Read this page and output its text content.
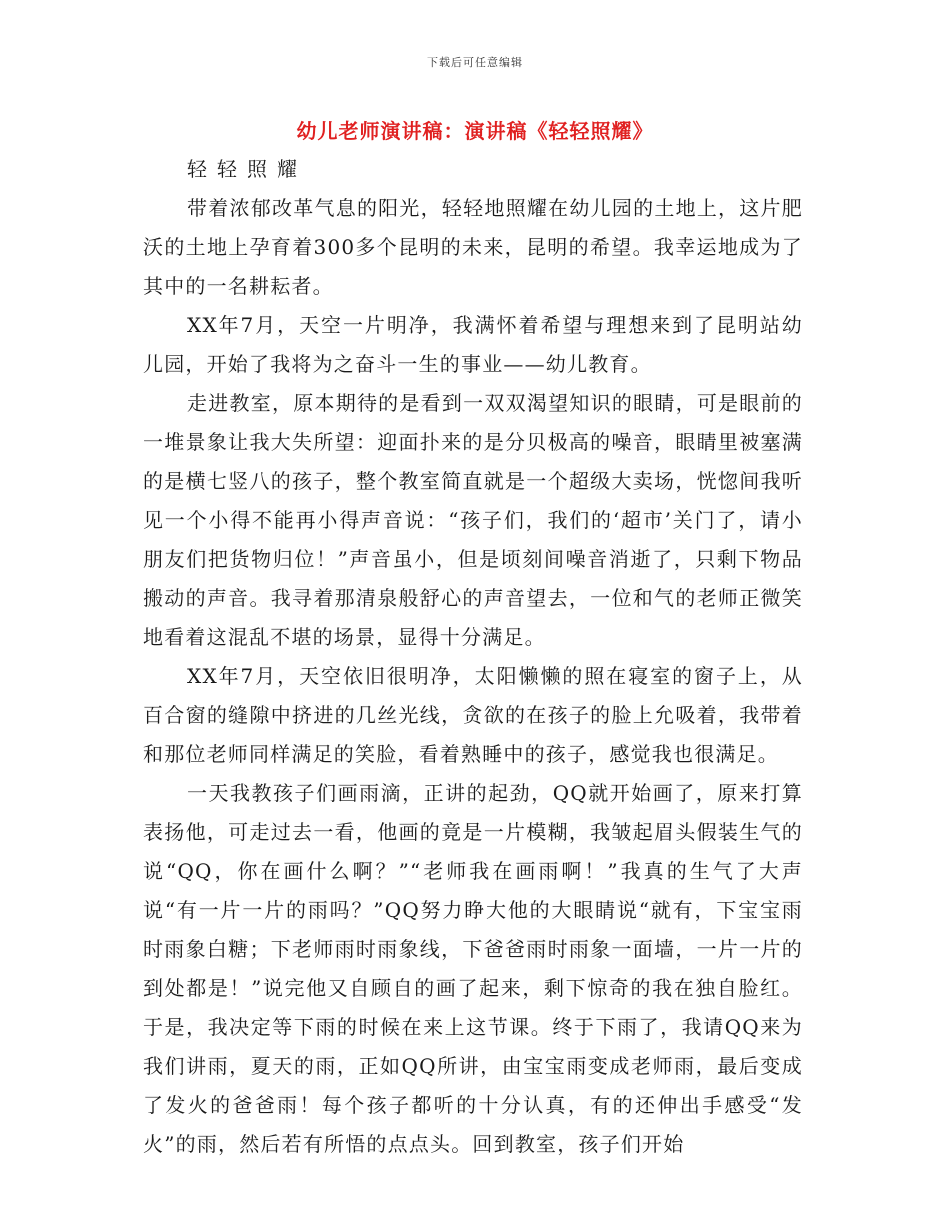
下载后可任意编辑
幼儿老师演讲稿：演讲稿《轻轻照耀》

轻轻照耀

带着浓郁改革气息的阳光，轻轻地照耀在幼儿园的土地上，这片肥沃的土地上孕育着300多个昆明的未来，昆明的希望。我幸运地成为了其中的一名耕耘者。

XX年7月，天空一片明净，我满怀着希望与理想来到了昆明站幼儿园，开始了我将为之奋斗一生的事业——幼儿教育。

走进教室，原本期待的是看到一双双渴望知识的眼睛，可是眼前的一堆景象让我大失所望：迎面扑来的是分贝极高的噪音，眼睛里被塞满的是横七竖八的孩子，整个教室简直就是一个超级大卖场，恍惚间我听见一个小得不能再小得声音说：“孩子们，我们的‘超市’关门了，请小朋友们把货物归位！”声音虽小，但是顷刻间噪音消逝了，只剩下物品搬动的声音。我寻着那清泉般舒心的声音望去，一位和气的老师正微笑地看着这混乱不堪的场景，显得十分满足。

XX年7月，天空依旧很明净，太阳懒懒的照在寝室的窗子上，从百合窗的缝隙中挤进的几丝光线，贪欲的在孩子的脸上允吸着，我带着和那位老师同样满足的笑脸，看着熟睡中的孩子，感觉我也很满足。

一天我教孩子们画雨滴，正讲的起劲，QQ就开始画了，原来打算表扬他，可走过去一看，他画的竟是一片模糊，我皱起眉头假装生气的说“QQ，你在画什么啊？”“老师我在画雨啊！”我真的生气了大声说“有一片一片的雨吗？”QQ努力睁大他的大眼睛说“就有，下宝宝雨时雨象白糖；下老师雨时雨象线，下爸爸雨时雨象一面墙，一片一片的到处都是！”说完他又自顾自的画了起来，剩下惊奇的我在独自脸红。于是，我决定等下雨的时候在来上这节课。终于下雨了，我请QQ来为我们讲雨，夏天的雨，正如QQ所讲，由宝宝雨变成老师雨，最后变成了发火的爸爸雨！每个孩子都听的十分认真，有的还伸出手感受“发火”的雨，然后若有所悟的点点头。回到教室，孩子们开始
